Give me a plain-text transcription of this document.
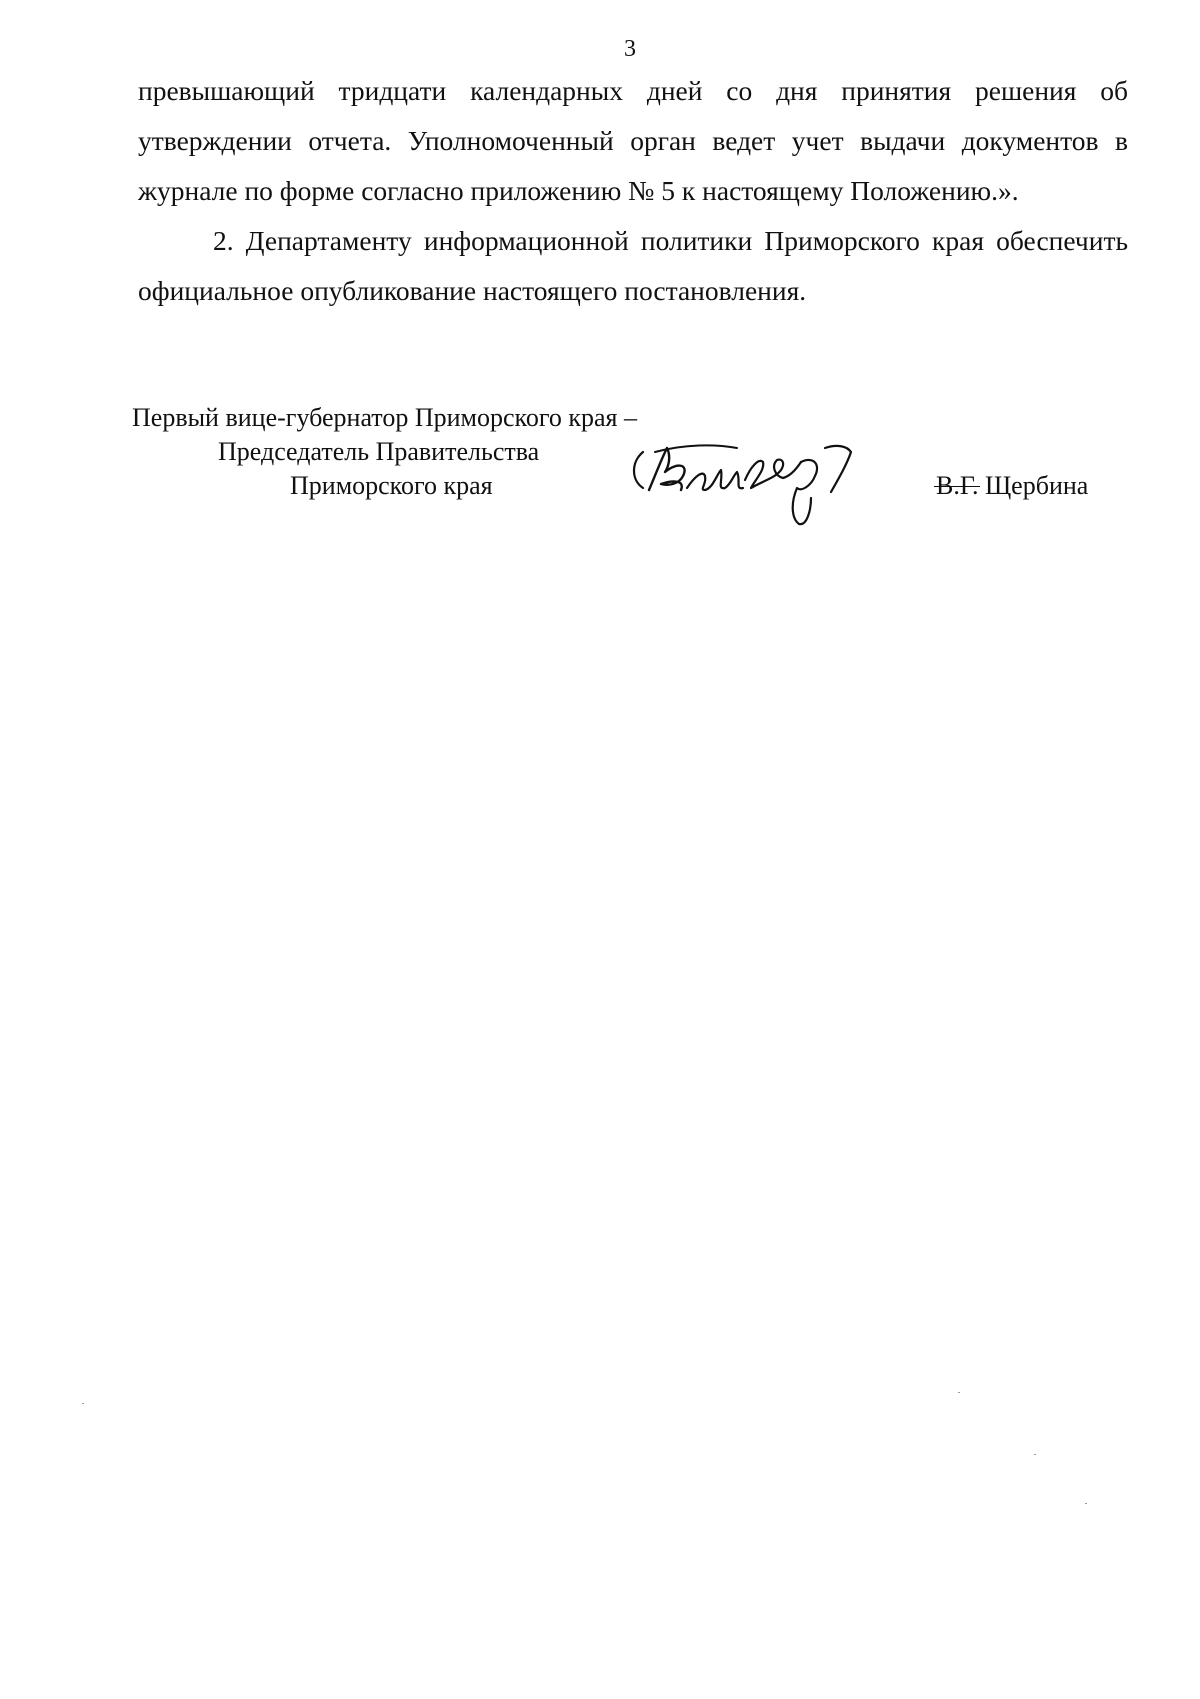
3

превышающий тридцати календарных дней со дня принятия решения об утверждении отчета. Уполномоченный орган ведет учет выдачи документов в журнале по форме согласно приложению № 5 к настоящему Положению.».

2. Департаменту информационной политики Приморского края обеспечить официальное опубликование настоящего постановления.

Первый вице-губернатор Приморского края –
Председатель Правительства
Приморского края	В.Г. Щербина
